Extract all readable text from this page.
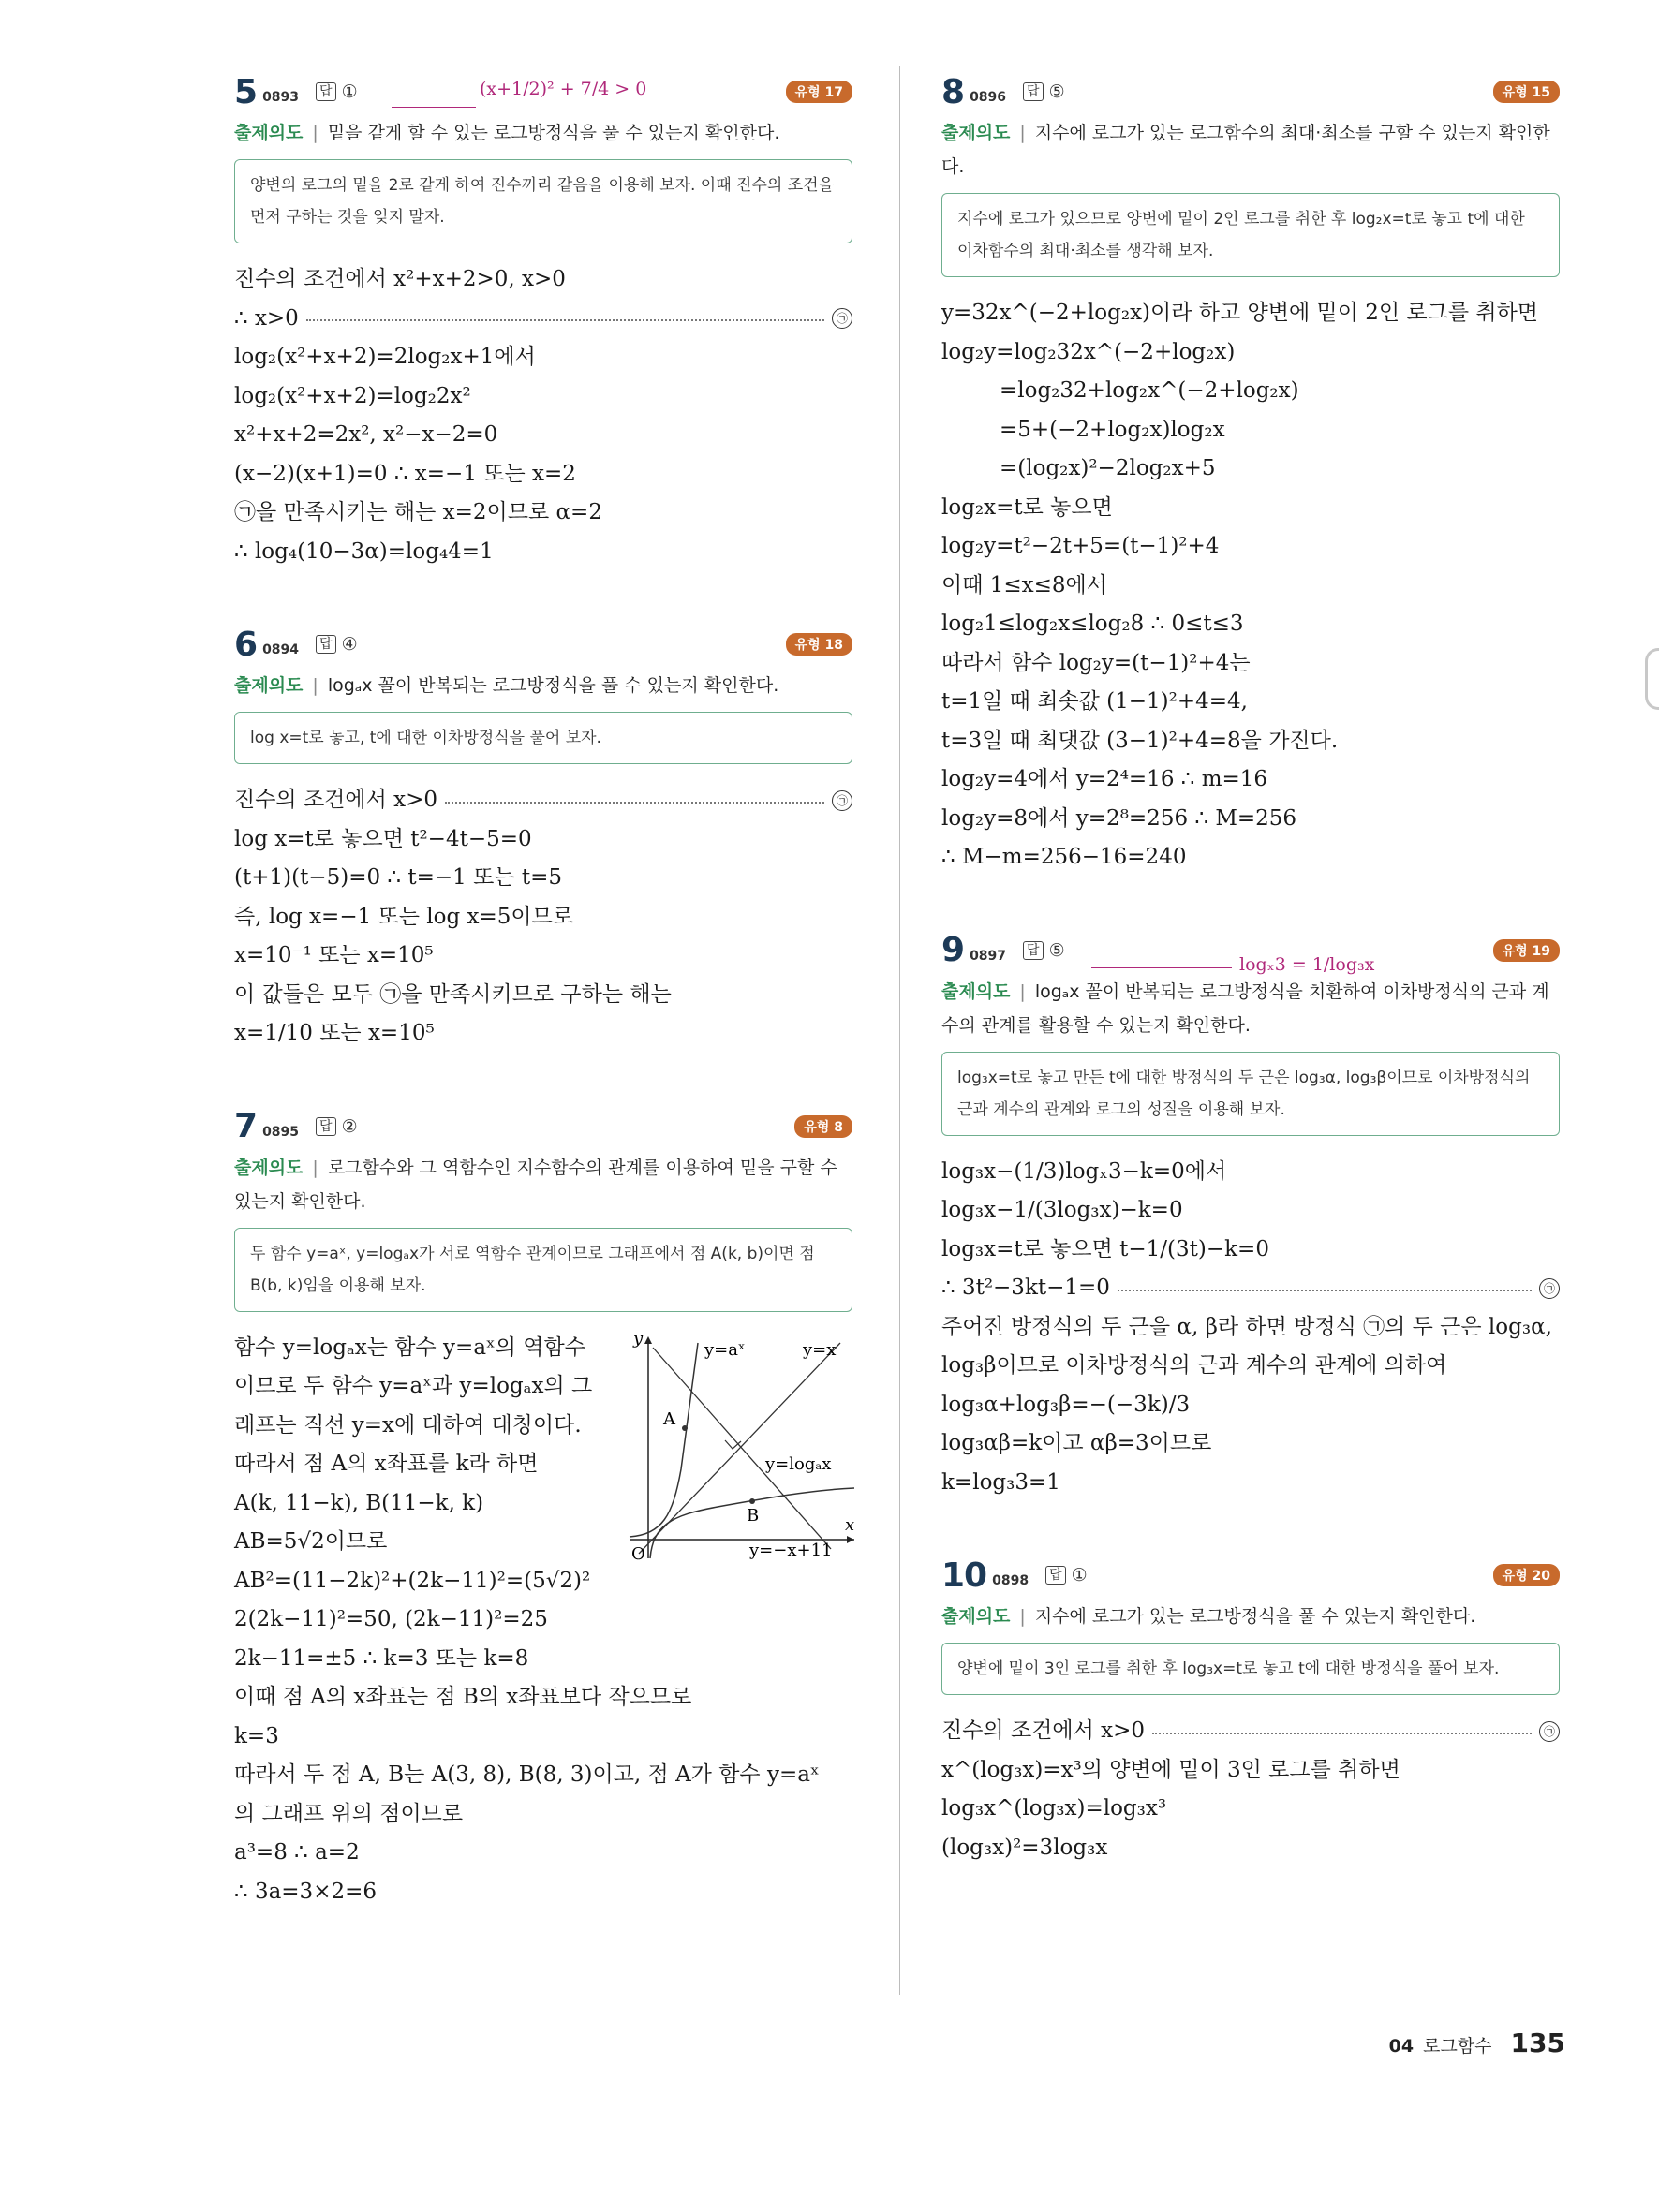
5 0893 답 ①	유형 17
출제의도 | 밑을 같게 할 수 있는 로그방정식을 풀 수 있는지 확인한다.
양변의 로그의 밑을 2로 같게 하여 진수끼리 같음을 이용해 보자. 이때 진수의 조건을 먼저 구하는 것을 잊지 말자.
진수의 조건에서 x²+x+2>0, x>0
(x+1/2)² + 7/4 > 0
∴ x>0	㉠
log₂(x²+x+2)=2log₂x+1에서
log₂(x²+x+2)=log₂2x²
x²+x+2=2x², x²−x−2=0
(x−2)(x+1)=0 ∴ x=−1 또는 x=2
㉠을 만족시키는 해는 x=2이므로 α=2
∴ log₄(10−3α)=log₄4=1
6 0894 답 ④	유형 18
출제의도 | logₐx 꼴이 반복되는 로그방정식을 풀 수 있는지 확인한다.
log x=t로 놓고, t에 대한 이차방정식을 풀어 보자.
진수의 조건에서 x>0	㉠
log x=t로 놓으면 t²−4t−5=0
(t+1)(t−5)=0 ∴ t=−1 또는 t=5
즉, log x=−1 또는 log x=5이므로
x=10⁻¹ 또는 x=10⁵
이 값들은 모두 ㉠을 만족시키므로 구하는 해는
x=1/10 또는 x=10⁵
7 0895 답 ②	유형 8
출제의도 | 로그함수와 그 역함수인 지수함수의 관계를 이용하여 밑을 구할 수 있는지 확인한다.
두 함수 y=aˣ, y=logₐx가 서로 역함수 관계이므로 그래프에서 점 A(k, b)이면 점 B(b, k)임을 이용해 보자.
함수 y=logₐx는 함수 y=aˣ의 역함수이므로 두 함수 y=aˣ과 y=logₐx의 그래프는 직선 y=x에 대하여 대칭이다.
따라서 점 A의 x좌표를 k라 하면
A(k, 11−k), B(11−k, k)
AB=5√2이므로
y
x
O
y=aˣ	y=x
y=logₐx
y=−x+11
A
B
AB²=(11−2k)²+(2k−11)²=(5√2)²
2(2k−11)²=50, (2k−11)²=25
2k−11=±5 ∴ k=3 또는 k=8
이때 점 A의 x좌표는 점 B의 x좌표보다 작으므로
k=3
따라서 두 점 A, B는 A(3, 8), B(8, 3)이고, 점 A가 함수 y=aˣ
의 그래프 위의 점이므로
a³=8 ∴ a=2
∴ 3a=3×2=6
8 0896 답 ⑤	유형 15
출제의도 | 지수에 로그가 있는 로그함수의 최대·최소를 구할 수 있는지 확인한다.
지수에 로그가 있으므로 양변에 밑이 2인 로그를 취한 후 log₂x=t로 놓고 t에 대한 이차함수의 최대·최소를 생각해 보자.
y=32x^(−2+log₂x)이라 하고 양변에 밑이 2인 로그를 취하면
log₂y=log₂32x^(−2+log₂x)
=log₂32+log₂x^(−2+log₂x)
=5+(−2+log₂x)log₂x
=(log₂x)²−2log₂x+5
log₂x=t로 놓으면
log₂y=t²−2t+5=(t−1)²+4
이때 1≤x≤8에서
log₂1≤log₂x≤log₂8 ∴ 0≤t≤3
따라서 함수 log₂y=(t−1)²+4는
t=1일 때 최솟값 (1−1)²+4=4,
t=3일 때 최댓값 (3−1)²+4=8을 가진다.
log₂y=4에서 y=2⁴=16 ∴ m=16
log₂y=8에서 y=2⁸=256 ∴ M=256
∴ M−m=256−16=240
9 0897 답 ⑤	유형 19
출제의도 | logₐx 꼴이 반복되는 로그방정식을 치환하여 이차방정식의 근과 계수의 관계를 활용할 수 있는지 확인한다.
log₃x=t로 놓고 만든 t에 대한 방정식의 두 근은 log₃α, log₃β이므로 이차방정식의 근과 계수의 관계와 로그의 성질을 이용해 보자.
log₃x−(1/3)logₓ3−k=0에서
logₓ3 = 1/log₃x
log₃x−1/(3log₃x)−k=0
log₃x=t로 놓으면 t−1/(3t)−k=0
∴ 3t²−3kt−1=0	㉠
주어진 방정식의 두 근을 α, β라 하면 방정식 ㉠의 두 근은 log₃α,
log₃β이므로 이차방정식의 근과 계수의 관계에 의하여
log₃α+log₃β=−(−3k)/3
log₃αβ=k이고 αβ=3이므로
k=log₃3=1
10 0898 답 ①	유형 20
출제의도 | 지수에 로그가 있는 로그방정식을 풀 수 있는지 확인한다.
양변에 밑이 3인 로그를 취한 후 log₃x=t로 놓고 t에 대한 방정식을 풀어 보자.
진수의 조건에서 x>0	㉠
x^(log₃x)=x³의 양변에 밑이 3인 로그를 취하면
log₃x^(log₃x)=log₃x³
(log₃x)²=3log₃x
04 로그함수 135
